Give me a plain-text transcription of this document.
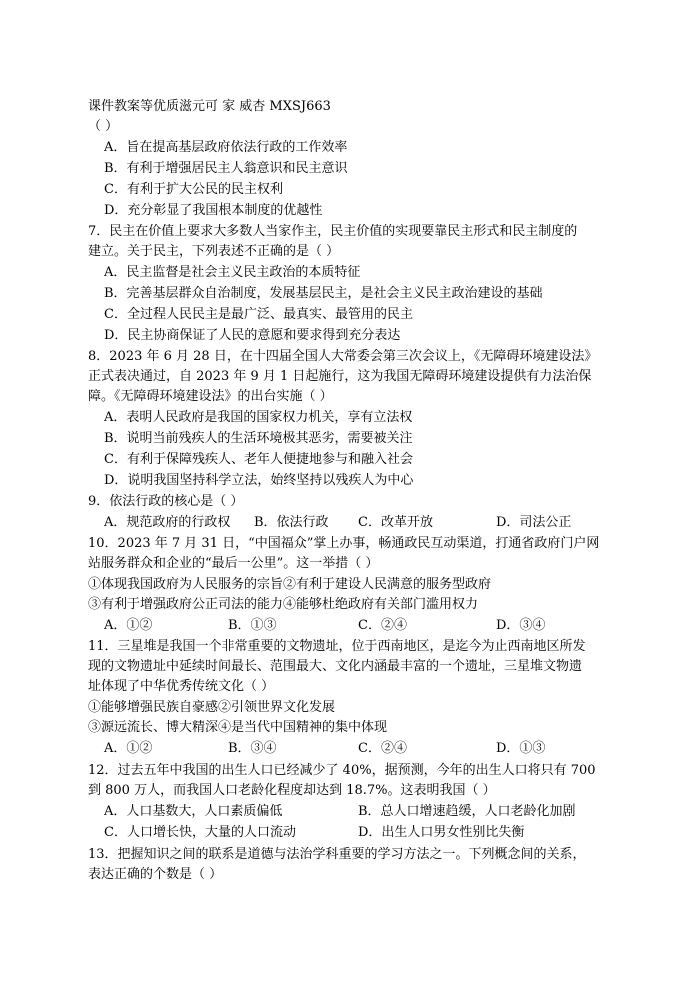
课件教案等优质滋元可 家 威杏 MXSJ663
（ ）
A．旨在提高基层政府依法行政的工作效率
B．有利于增强居民主人翁意识和民主意识
C．有利于扩大公民的民主权利
D．充分彰显了我国根本制度的优越性
7．民主在价值上要求大多数人当家作主，民主价值的实现要靠民主形式和民主制度的
建立。关于民主，下列表述不正确的是（ ）
A．民主监督是社会主义民主政治的本质特征
B．完善基层群众自治制度，发展基层民主，是社会主义民主政治建设的基础
C．全过程人民民主是最广泛、最真实、最管用的民主
D．民主协商保证了人民的意愿和要求得到充分表达
8．2023 年 6 月 28 日，在十四届全国人大常委会第三次会议上，《无障碍环境建设法》
正式表决通过，自 2023 年 9 月 1 日起施行，这为我国无障碍环境建设提供有力法治保
障。《无障碍环境建设法》的出台实施（ ）
A．表明人民政府是我国的国家权力机关，享有立法权
B．说明当前残疾人的生活环境极其恶劣，需要被关注
C．有利于保障残疾人、老年人便捷地参与和融入社会
D．说明我国坚持科学立法，始终坚持以残疾人为中心
9．依法行政的核心是（ ）
A．规范政府的行政权 B．依法行政 C．改革开放	D．司法公正
10．2023 年 7 月 31 日，“中国福众”掌上办事，畅通政民互动渠道，打通省政府门户网
站服务群众和企业的“最后一公里”。这一举措（ ）
①体现我国政府为人民服务的宗旨②有利于建设人民满意的服务型政府
③有利于增强政府公正司法的能力④能够杜绝政府有关部门滥用权力
A．①②	B．①③	C．②④	D．③④
11．三星堆是我国一个非常重要的文物遗址，位于西南地区，是迄今为止西南地区所发
现的文物遗址中延续时间最长、范围最大、文化内涵最丰富的一个遗址，三星堆文物遗
址体现了中华优秀传统文化（ ）
①能够增强民族自豪感②引领世界文化发展
③源远流长、博大精深④是当代中国精神的集中体现
A．①②	B．③④	C．②④	D．①③
12．过去五年中我国的出生人口已经减少了 40%，据预测，今年的出生人口将只有 700
到 800 万人，而我国人口老龄化程度却达到 18.7%。这表明我国（ ）
A．人口基数大，人口素质偏低	B．总人口增速趋缓，人口老龄化加剧
C．人口增长快，大量的人口流动	D．出生人口男女性别比失衡
13．把握知识之间的联系是道德与法治学科重要的学习方法之一。下列概念间的关系，
表达正确的个数是（ ）
